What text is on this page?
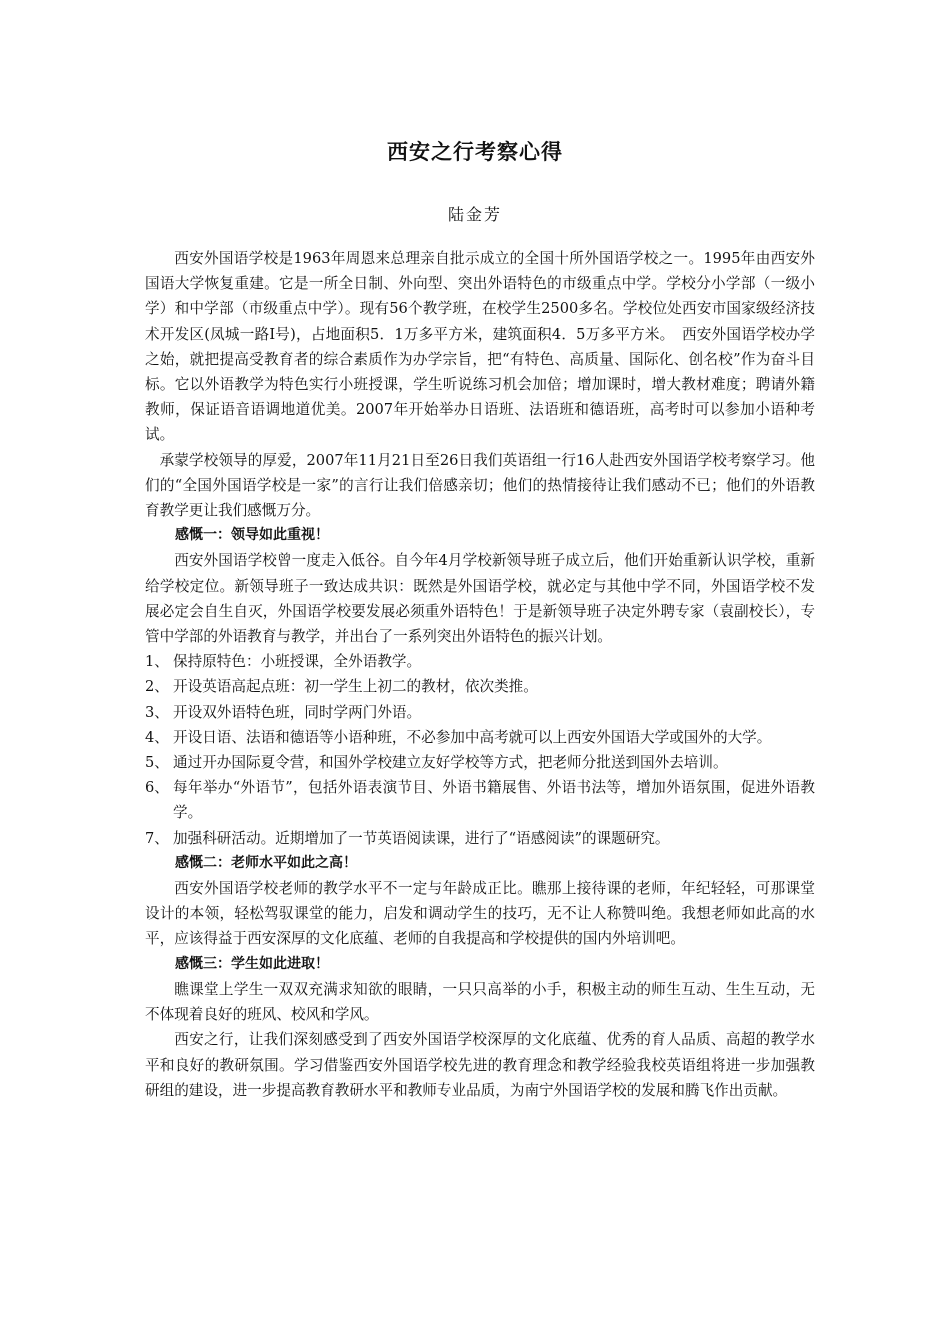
西安之行考察心得
陆金芳

西安外国语学校是1963年周恩来总理亲自批示成立的全国十所外国语学校之一。1995年由西安外国语大学恢复重建。它是一所全日制、外向型、突出外语特色的市级重点中学。学校分小学部（一级小学）和中学部（市级重点中学）。现有56个教学班，在校学生2500多名。学校位处西安市国家级经济技术开发区(凤城一路Ⅰ号)，占地面积5．1万多平方米，建筑面积4．5万多平方米。　西安外国语学校办学之始，就把提高受教育者的综合素质作为办学宗旨，把“有特色、高质量、国际化、创名校”作为奋斗目标。它以外语教学为特色实行小班授课，学生听说练习机会加倍；增加课时，增大教材难度；聘请外籍教师，保证语音语调地道优美。2007年开始举办日语班、法语班和德语班，高考时可以参加小语种考试。

承蒙学校领导的厚爱，2007年11月21日至26日我们英语组一行16人赴西安外国语学校考察学习。他们的“全国外国语学校是一家”的言行让我们倍感亲切；他们的热情接待让我们感动不已；他们的外语教育教学更让我们感慨万分。

感慨一：领导如此重视！

西安外国语学校曾一度走入低谷。自今年4月学校新领导班子成立后，他们开始重新认识学校，重新给学校定位。新领导班子一致达成共识：既然是外国语学校，就必定与其他中学不同，外国语学校不发展必定会自生自灭，外国语学校要发展必须重外语特色！于是新领导班子决定外聘专家（袁副校长），专管中学部的外语教育与教学，并出台了一系列突出外语特色的振兴计划。

1、 保持原特色：小班授课，全外语教学。
2、 开设英语高起点班：初一学生上初二的教材，依次类推。
3、 开设双外语特色班，同时学两门外语。
4、 开设日语、法语和德语等小语种班，不必参加中高考就可以上西安外国语大学或国外的大学。
5、 通过开办国际夏令营，和国外学校建立友好学校等方式，把老师分批送到国外去培训。
6、 每年举办“外语节”，包括外语表演节目、外语书籍展售、外语书法等，增加外语氛围，促进外语教学。
7、 加强科研活动。近期增加了一节英语阅读课，进行了“语感阅读”的课题研究。

感慨二：老师水平如此之高！

西安外国语学校老师的教学水平不一定与年龄成正比。瞧那上接待课的老师，年纪轻轻，可那课堂设计的本领，轻松驾驭课堂的能力，启发和调动学生的技巧，无不让人称赞叫绝。我想老师如此高的水平，应该得益于西安深厚的文化底蕴、老师的自我提高和学校提供的国内外培训吧。

感慨三：学生如此进取！

瞧课堂上学生一双双充满求知欲的眼睛，一只只高举的小手，积极主动的师生互动、生生互动，无不体现着良好的班风、校风和学风。

西安之行，让我们深刻感受到了西安外国语学校深厚的文化底蕴、优秀的育人品质、高超的教学水平和良好的教研氛围。学习借鉴西安外国语学校先进的教育理念和教学经验我校英语组将进一步加强教研组的建设，进一步提高教育教研水平和教师专业品质，为南宁外国语学校的发展和腾飞作出贡献。
